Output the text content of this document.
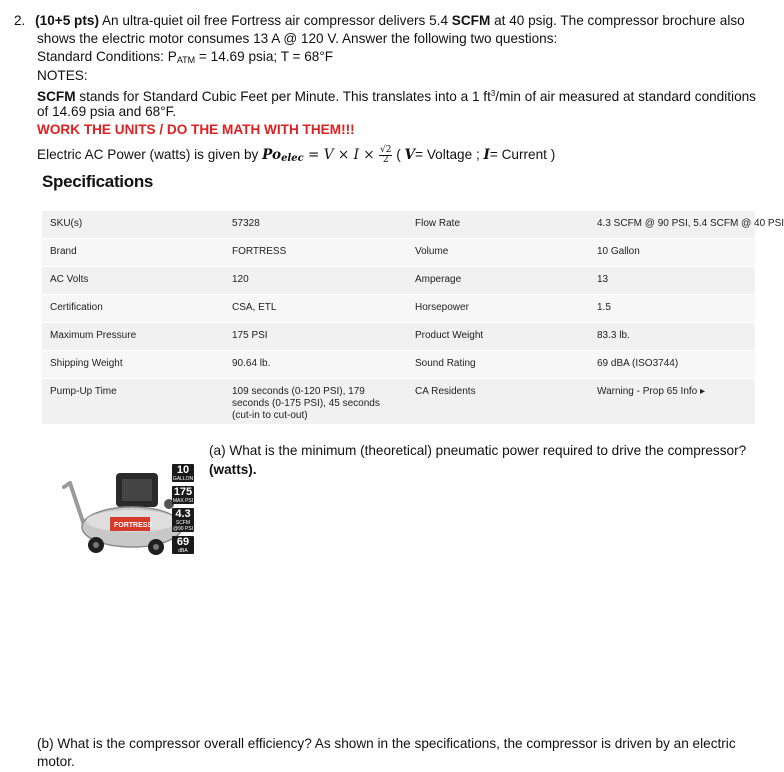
2. (10+5 pts) An ultra-quiet oil free Fortress air compressor delivers 5.4 SCFM at 40 psig. The compressor brochure also
shows the electric motor consumes 13 A @ 120 V. Answer the following two questions:
Standard Conditions: $P_{ATM} = 14.69$ psia; T = 68°F
NOTES:
SCFM stands for Standard Cubic Feet per Minute. This translates into a 1 $ft^3/\min$ of air measured at standard conditions
of 14.69 psia and 68°F.
WORK THE UNITS / DO THE MATH WITH THEM!!!
Electric AC Power (watts) is given by $Po_{elec} = V \times I \times \frac{√2}{2}$ ( V= Voltage ; I= Current )
Specifications
SKU(s)	57328	Flow Rate	4.3 SCFM @ 90 PSI, 5.4 SCFM @ 40 PSI
Brand	FORTRESS	Volume	10 Gallon
AC Volts	120	Amperage	13
Certification	CSA, ETL	Horsepower	1.5
Maximum Pressure	175 PSI	Product Weight	83.3 lb.
Shipping Weight	90.64 lb.	Sound Rating	69 dBA (ISO3744)
Pump-Up Time	109 seconds (0-120 PSI), 179 seconds (0-175 PSI), 45 seconds (cut-in to cut-out)	CA Residents	Warning - Prop 65 Info ▸
FORTRESS
10
GALLON
175
MAX PSI
4.3
SCFM @90 PSI
69
dBA
(a) What is the minimum (theoretical) pneumatic power required to drive the compressor?
(watts).
(b) What is the compressor overall efficiency? As shown in the specifications, the compressor is driven by an electric
motor.
